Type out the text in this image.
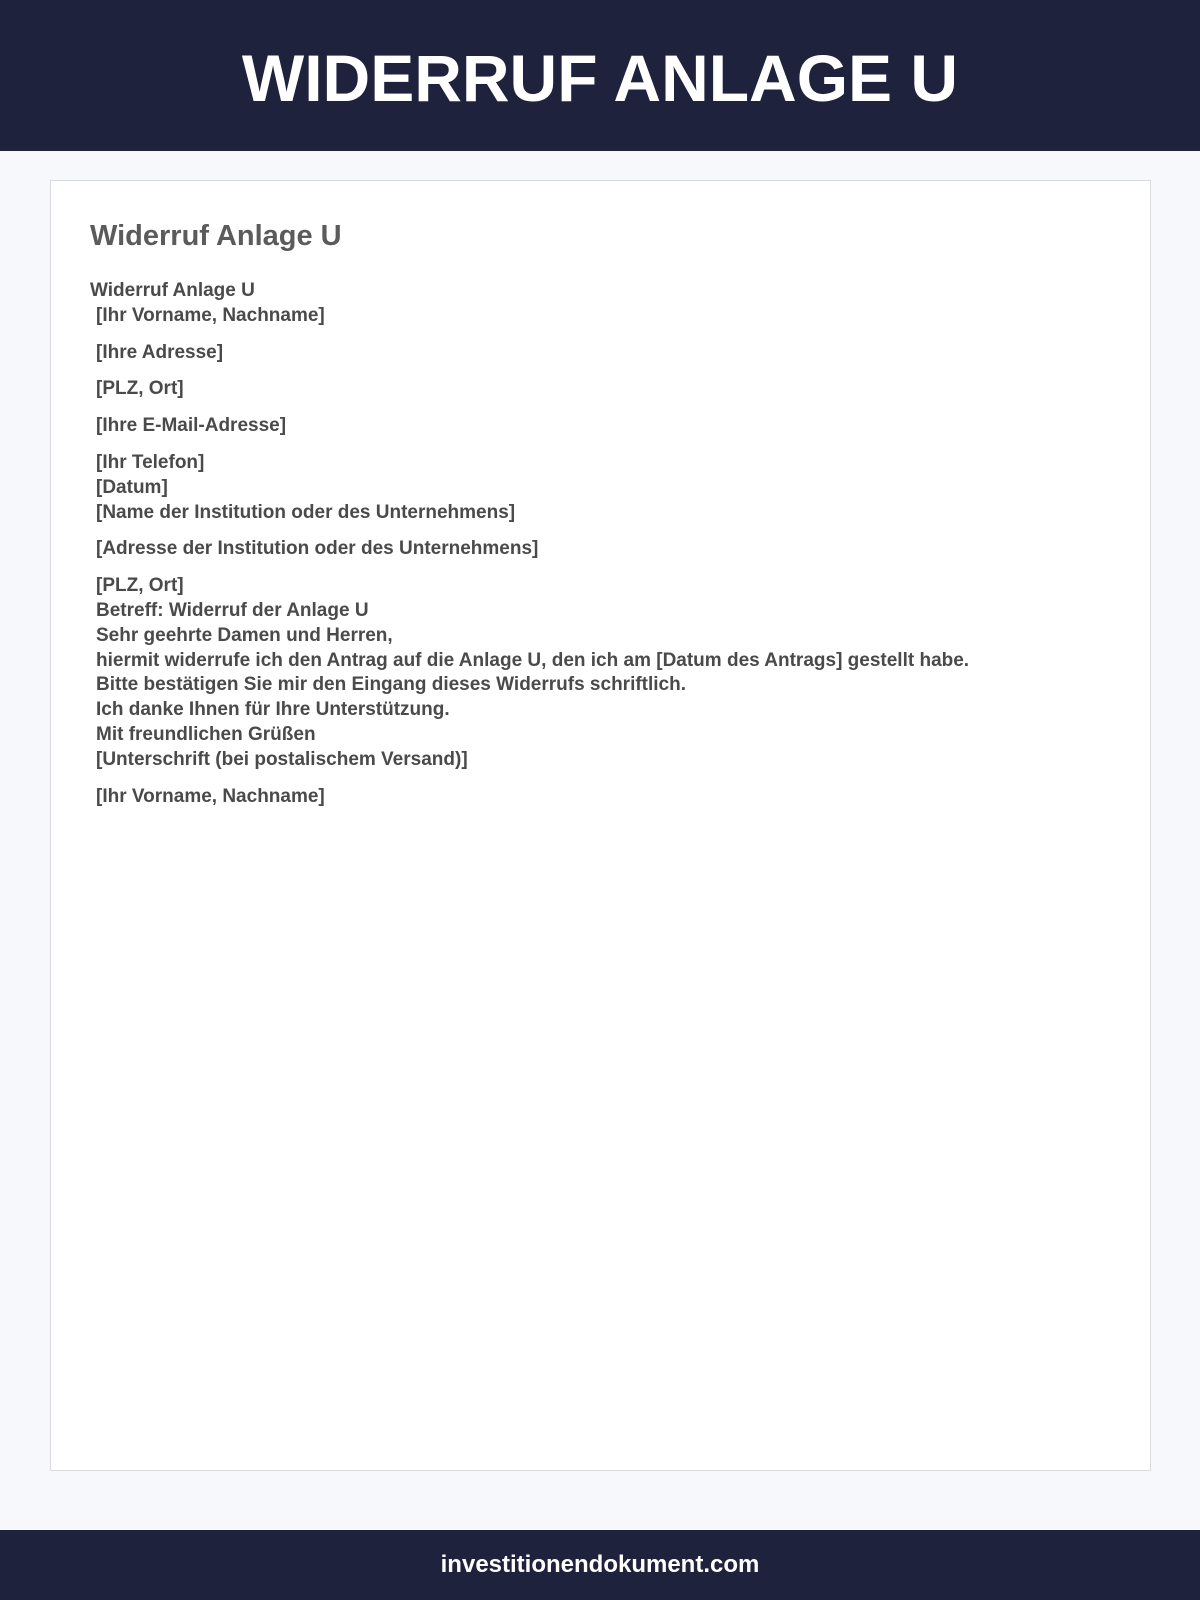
WIDERRUF ANLAGE U
Widerruf Anlage U
Widerruf Anlage U
[Ihr Vorname, Nachname]
[Ihre Adresse]
[PLZ, Ort]
[Ihre E-Mail-Adresse]
[Ihr Telefon]
[Datum]
[Name der Institution oder des Unternehmens]
[Adresse der Institution oder des Unternehmens]
[PLZ, Ort]
Betreff: Widerruf der Anlage U
Sehr geehrte Damen und Herren,
hiermit widerrufe ich den Antrag auf die Anlage U, den ich am [Datum des Antrags] gestellt habe.
Bitte bestätigen Sie mir den Eingang dieses Widerrufs schriftlich.
Ich danke Ihnen für Ihre Unterstützung.
Mit freundlichen Grüßen
[Unterschrift (bei postalischem Versand)]
[Ihr Vorname, Nachname]
investitionendokument.com
